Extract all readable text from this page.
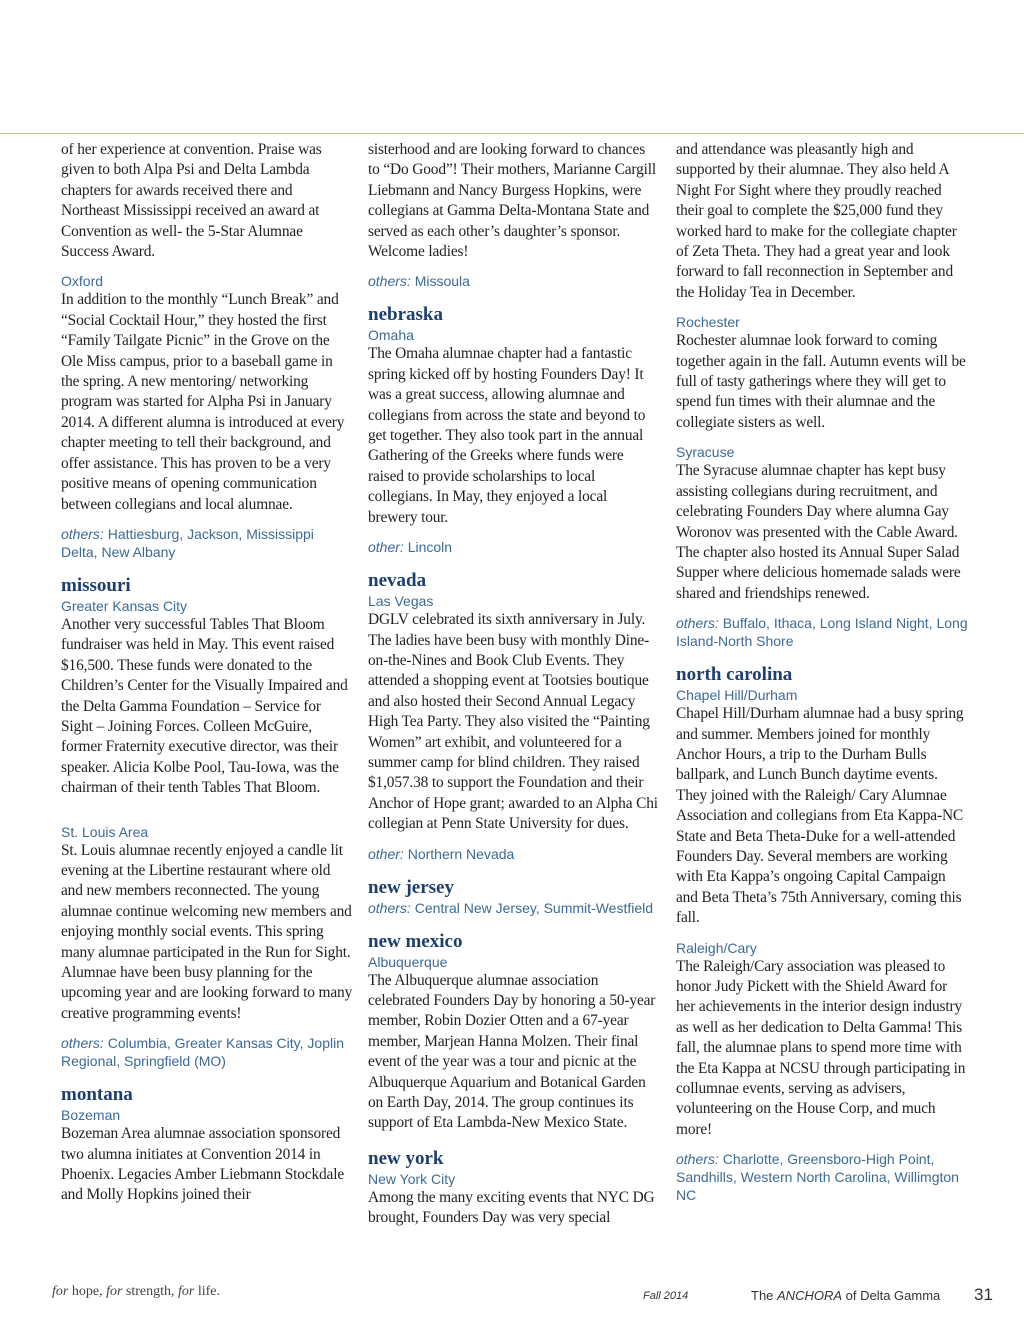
of her experience at convention. Praise was given to both Alpa Psi and Delta Lambda chapters for awards received there and Northeast Mississippi received an award at Convention as well- the 5-Star Alumnae Success Award.

Oxford

In addition to the monthly “Lunch Break” and “Social Cocktail Hour,” they hosted the first “Family Tailgate Picnic” in the Grove on the Ole Miss campus, prior to a baseball game in the spring. A new mentoring/ networking program was started for Alpha Psi in January 2014. A different alumna is introduced at every chapter meeting to tell their background, and offer assistance. This has proven to be a very positive means of opening communication between collegians and local alumnae.

others: Hattiesburg, Jackson, Mississippi Delta, New Albany

missouri
Greater Kansas City

Another very successful Tables That Bloom fundraiser was held in May. This event raised $16,500. These funds were donated to the Children’s Center for the Visually Impaired and the Delta Gamma Foundation – Service for Sight – Joining Forces. Colleen McGuire, former Fraternity executive director, was their speaker. Alicia Kolbe Pool, Tau-Iowa, was the chairman of their tenth Tables That Bloom.

St. Louis Area

St. Louis alumnae recently enjoyed a candle lit evening at the Libertine restaurant where old and new members reconnected. The young alumnae continue welcoming new members and enjoying monthly social events. This spring many alumnae participated in the Run for Sight. Alumnae have been busy planning for the upcoming year and are looking forward to many creative programming events!

others: Columbia, Greater Kansas City, Joplin Regional, Springfield (MO)

montana
Bozeman

Bozeman Area alumnae association sponsored two alumna initiates at Convention 2014 in Phoenix. Legacies Amber Liebmann Stockdale and Molly Hopkins joined their

sisterhood and are looking forward to chances to “Do Good”! Their mothers, Marianne Cargill Liebmann and Nancy Burgess Hopkins, were collegians at Gamma Delta-Montana State and served as each other’s daughter’s sponsor. Welcome ladies!

others: Missoula

nebraska
Omaha

The Omaha alumnae chapter had a fantastic spring kicked off by hosting Founders Day! It was a great success, allowing alumnae and collegians from across the state and beyond to get together. They also took part in the annual Gathering of the Greeks where funds were raised to provide scholarships to local collegians. In May, they enjoyed a local brewery tour.

other: Lincoln

nevada
Las Vegas

DGLV celebrated its sixth anniversary in July. The ladies have been busy with monthly Dine-on-the-Nines and Book Club Events. They attended a shopping event at Tootsies boutique and also hosted their Second Annual Legacy High Tea Party. They also visited the “Painting Women” art exhibit, and volunteered for a summer camp for blind children. They raised $1,057.38 to support the Foundation and their Anchor of Hope grant; awarded to an Alpha Chi collegian at Penn State University for dues.

other: Northern Nevada

new jersey

others: Central New Jersey, Summit-Westfield

new mexico
Albuquerque

The Albuquerque alumnae association celebrated Founders Day by honoring a 50-year member, Robin Dozier Otten and a 67-year member, Marjean Hanna Molzen. Their final event of the year was a tour and picnic at the Albuquerque Aquarium and Botanical Garden on Earth Day, 2014. The group continues its support of Eta Lambda-New Mexico State.

new york
New York City

Among the many exciting events that NYC DG brought, Founders Day was very special

and attendance was pleasantly high and supported by their alumnae. They also held A Night For Sight where they proudly reached their goal to complete the $25,000 fund they worked hard to make for the collegiate chapter of Zeta Theta. They had a great year and look forward to fall reconnection in September and the Holiday Tea in December.

Rochester

Rochester alumnae look forward to coming together again in the fall. Autumn events will be full of tasty gatherings where they will get to spend fun times with their alumnae and the collegiate sisters as well.

Syracuse

The Syracuse alumnae chapter has kept busy assisting collegians during recruitment, and celebrating Founders Day where alumna Gay Woronov was presented with the Cable Award. The chapter also hosted its Annual Super Salad Supper where delicious homemade salads were shared and friendships renewed.

others: Buffalo, Ithaca, Long Island Night, Long Island-North Shore

north carolina
Chapel Hill/Durham

Chapel Hill/Durham alumnae had a busy spring and summer. Members joined for monthly Anchor Hours, a trip to the Durham Bulls ballpark, and Lunch Bunch daytime events. They joined with the Raleigh/ Cary Alumnae Association and collegians from Eta Kappa-NC State and Beta Theta-Duke for a well-attended Founders Day. Several members are working with Eta Kappa’s ongoing Capital Campaign and Beta Theta’s 75th Anniversary, coming this fall.

Raleigh/Cary

The Raleigh/Cary association was pleased to honor Judy Pickett with the Shield Award for her achievements in the interior design industry as well as her dedication to Delta Gamma! This fall, the alumnae plans to spend more time with the Eta Kappa at NCSU through participating in collumnae events, serving as advisers, volunteering on the House Corp, and much more!

others: Charlotte, Greensboro-High Point, Sandhills, Western North Carolina, Willimgton NC

for hope, for strength, for life.	Fall 2014	The ANCHORA of Delta Gamma 31
